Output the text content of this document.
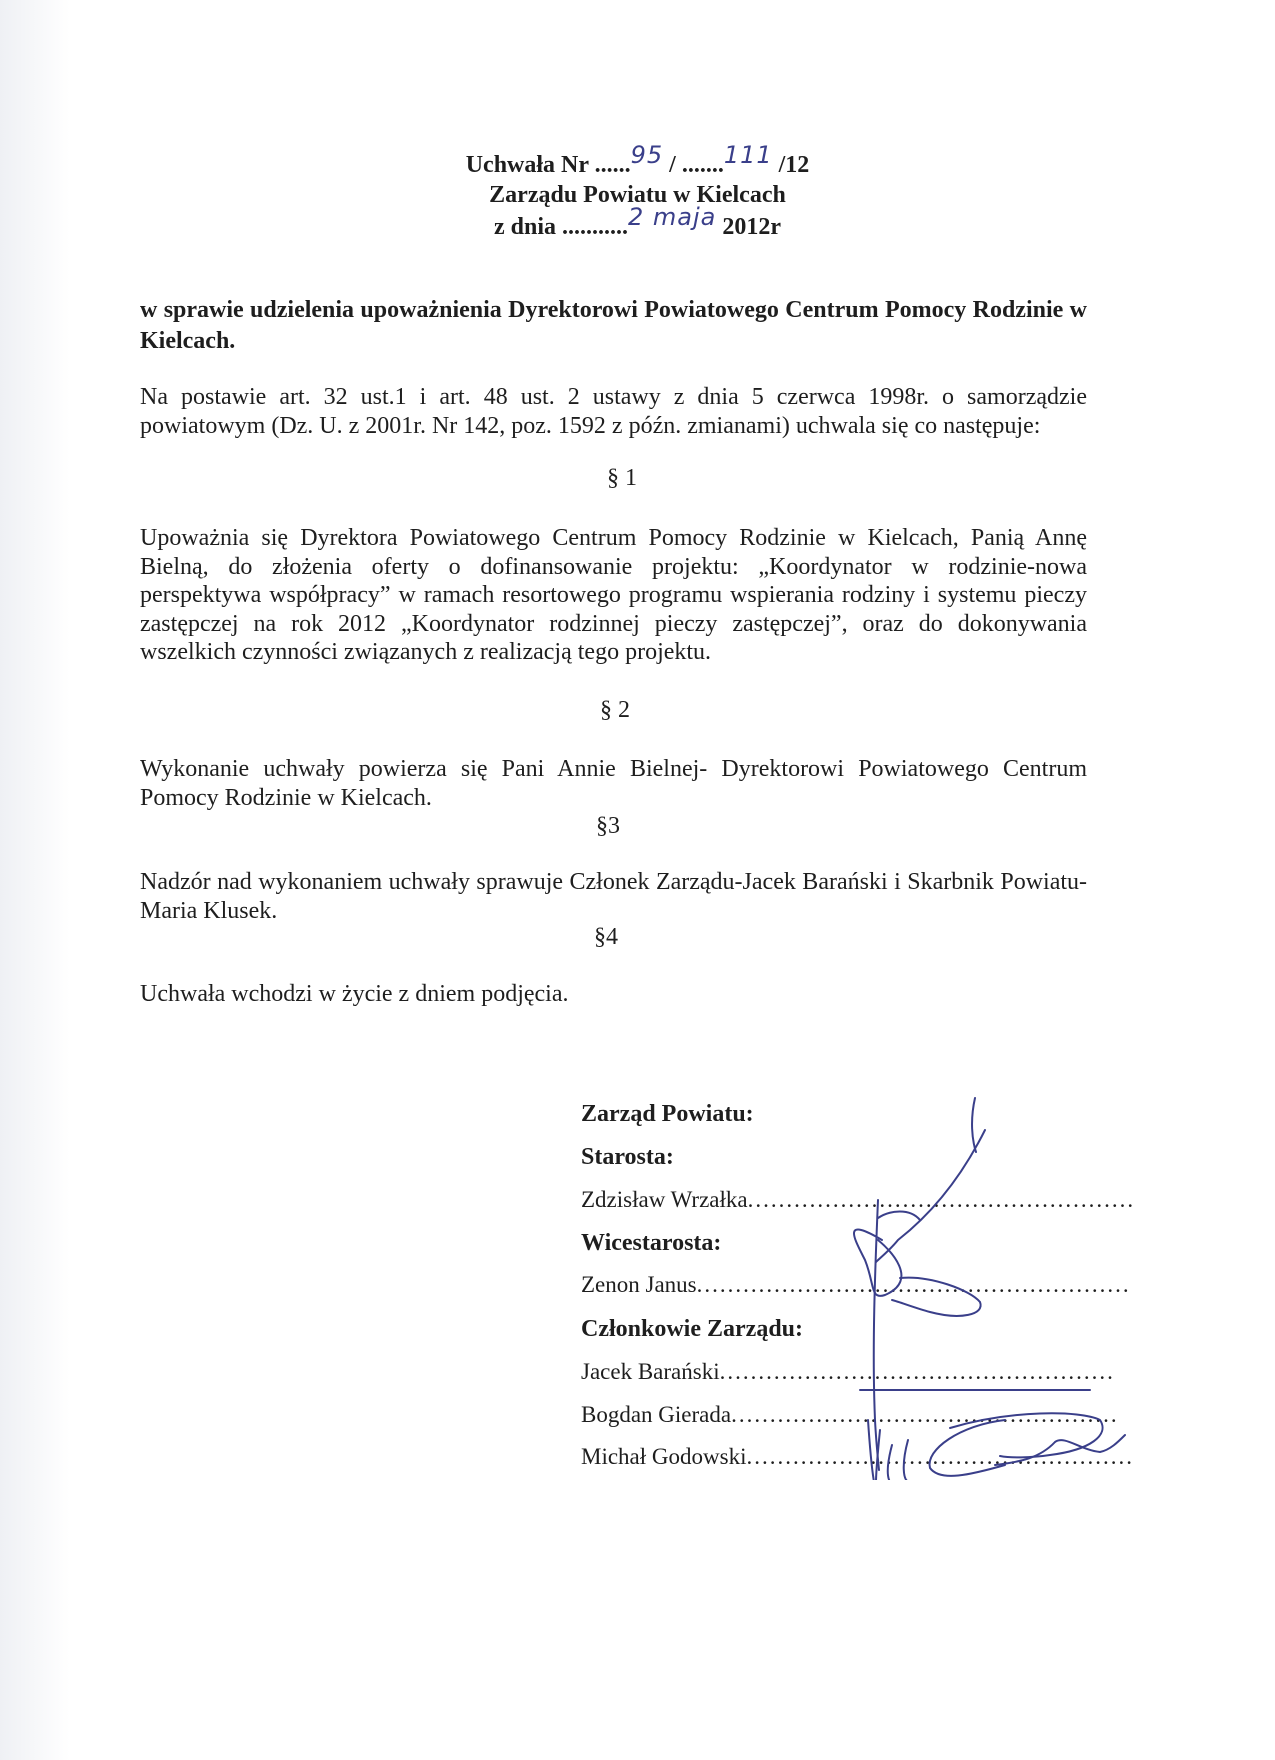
Uchwała Nr ......95 / .......111 /12
Zarządu Powiatu w Kielcach
z dnia ...........2 maja 2012r
w sprawie udzielenia upoważnienia Dyrektorowi Powiatowego Centrum Pomocy Rodzinie w Kielcach.
Na postawie art. 32 ust.1 i art. 48 ust. 2 ustawy z dnia 5 czerwca 1998r. o samorządzie powiatowym (Dz. U. z 2001r. Nr 142, poz. 1592 z późn. zmianami) uchwala się co następuje:
§ 1
Upoważnia się Dyrektora Powiatowego Centrum Pomocy Rodzinie w Kielcach, Panią Annę Bielną, do złożenia oferty o dofinansowanie projektu: „Koordynator w rodzinie-nowa perspektywa współpracy” w ramach resortowego programu wspierania rodziny i systemu pieczy zastępczej na rok 2012 „Koordynator rodzinnej pieczy zastępczej”, oraz do dokonywania wszelkich czynności związanych z realizacją tego projektu.
§ 2
Wykonanie uchwały powierza się Pani Annie Bielnej- Dyrektorowi Powiatowego Centrum Pomocy Rodzinie w Kielcach.
§3
Nadzór nad wykonaniem uchwały sprawuje Członek Zarządu-Jacek Barański i Skarbnik Powiatu-Maria Klusek.
§4
Uchwała wchodzi w życie z dniem podjęcia.
Zarząd Powiatu:
Starosta:
Zdzisław Wrzałka..................................................
Wicestarosta:
Zenon Janus........................................................
Członkowie Zarządu:
Jacek Barański...................................................
Bogdan Gierada..................................................
Michał Godowski..................................................
